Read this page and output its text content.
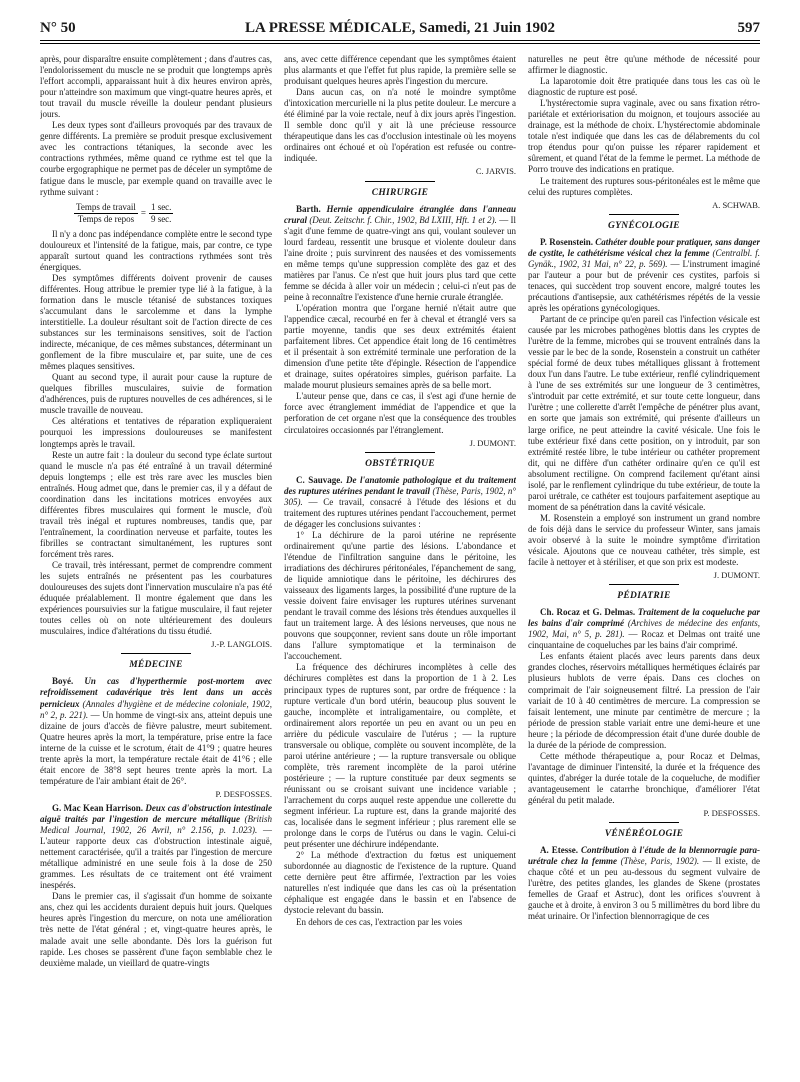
N° 50	LA PRESSE MÉDICALE, Samedi, 21 Juin 1902	597

après, pour disparaître ensuite complètement ; dans d'autres cas, l'endolorissement du muscle ne se produit que longtemps après l'effort accompli, apparaissant huit à dix heures environ après, pour n'atteindre son maximum que vingt-quatre heures après, et tout travail du muscle réveille la douleur pendant plusieurs jours.

Les deux types sont d'ailleurs provoqués par des travaux de genre différents. La première se produit presque exclusivement avec les contractions tétaniques, la seconde avec les contractions rythmées, même quand ce rythme est tel que la courbe ergographique ne permet pas de déceler un symptôme de fatigue dans le muscle, par exemple quand on travaille avec le rythme suivant :

$\frac{\text{Temps de travail}}{\text{Temps de repos}} = \frac{1 \sec.}{9 \sec.}$

Il n'y a donc pas indépendance complète entre le second type douloureux et l'intensité de la fatigue, mais, par contre, ce type apparaît surtout quand les contractions rythmées sont très énergiques.

Des symptômes différents doivent provenir de causes différentes. Houg attribue le premier type lié à la fatigue, à la formation dans le muscle tétanisé de substances toxiques s'accumulant dans le sarcolemme et dans la lymphe interstitielle. La douleur résultant soit de l'action directe de ces substances sur les terminaisons sensitives, soit de l'action indirecte, mécanique, de ces mêmes substances, déterminant un gonflement de la fibre musculaire et, par suite, une de ces mêmes plaques sensitives.

Quant au second type, il aurait pour cause la rupture de quelques fibrilles musculaires, suivie de formation d'adhérences, puis de ruptures nouvelles de ces adhérences, si le muscle travaille de nouveau.

Ces altérations et tentatives de réparation expliqueraient pourquoi les impressions douloureuses se manifestent longtemps après le travail.

Reste un autre fait : la douleur du second type éclate surtout quand le muscle n'a pas été entraîné à un travail déterminé depuis longtemps ; elle est très rare avec les muscles bien entraînés. Houg admet que, dans le premier cas, il y a défaut de coordination dans les incitations motrices envoyées aux différentes fibres musculaires qui forment le muscle, d'où travail très inégal et ruptures nombreuses, tandis que, par l'entraînement, la coordination nerveuse et parfaite, toutes les fibrilles se contractant simultanément, les ruptures sont forcément très rares.

Ce travail, très intéressant, permet de comprendre comment les sujets entraînés ne présentent pas les courbatures douloureuses des sujets dont l'innervation musculaire n'a pas été éduquée préalablement. Il montre également que dans les expériences poursuivies sur la fatigue musculaire, il faut rejeter toutes celles où on note ultérieurement des douleurs musculaires, indice d'altérations du tissu étudié.

J.-P. LANGLOIS.
MÉDECINE

Boyé. Un cas d'hyperthermie post-mortem avec refroidissement cadavérique très lent dans un accès pernicieux (Annales d'hygiène et de médecine coloniale, 1902, n° 2, p. 221). — Un homme de vingt-six ans, atteint depuis une dizaine de jours d'accès de fièvre palustre, meurt subitement. Quatre heures après la mort, la température, prise entre la face interne de la cuisse et le scrotum, était de 41°9 ; quatre heures trente après la mort, la température rectale était de 41°6 ; elle était encore de 38°8 sept heures trente après la mort. La température de l'air ambiant était de 26°.

P. DESFOSSES.

G. Mac Kean Harrison. Deux cas d'obstruction intestinale aiguë traités par l'ingestion de mercure métallique (British Medical Journal, 1902, 26 Avril, n° 2.156, p. 1.023). — L'auteur rapporte deux cas d'obstruction intestinale aiguë, nettement caractérisée, qu'il a traités par l'ingestion de mercure métallique administré en une seule fois à la dose de 250 grammes. Les résultats de ce traitement ont été vraiment inespérés.

Dans le premier cas, il s'agissait d'un homme de soixante ans, chez qui les accidents duraient depuis huit jours. Quelques heures après l'ingestion du mercure, on nota une amélioration très nette de l'état général ; et, vingt-quatre heures après, le malade avait une selle abondante. Dès lors la guérison fut rapide. Les choses se passèrent d'une façon semblable chez le deuxième malade, un vieillard de quatre-vingts

ans, avec cette différence cependant que les symptômes étaient plus alarmants et que l'effet fut plus rapide, la première selle se produisant quelques heures après l'ingestion du mercure.

Dans aucun cas, on n'a noté le moindre symptôme d'intoxication mercurielle ni la plus petite douleur. Le mercure a été éliminé par la voie rectale, neuf à dix jours après l'ingestion. Il semble donc qu'il y ait là une précieuse ressource thérapeutique dans les cas d'occlusion intestinale où les moyens ordinaires ont échoué et où l'opération est refusée ou contre-indiquée.

C. JARVIS.
CHIRURGIE

Barth. Hernie appendiculaire étranglée dans l'anneau crural (Deut. Zeitschr. f. Chir., 1902, Bd LXIII, Hft. 1 et 2). — Il s'agit d'une femme de quatre-vingt ans qui, voulant soulever un lourd fardeau, ressentit une brusque et violente douleur dans l'aine droite ; puis survinrent des nausées et des vomissements en même temps qu'une suppression complète des gaz et des matières par l'anus. Ce n'est que huit jours plus tard que cette femme se décida à aller voir un médecin ; celui-ci n'eut pas de peine à reconnaître l'existence d'une hernie crurale étranglée.

L'opération montra que l'organe hernié n'était autre que l'appendice cæcal, recourbé en fer à cheval et étranglé vers sa partie moyenne, tandis que ses deux extrémités étaient parfaitement libres. Cet appendice était long de 16 centimètres et il présentait à son extrémité terminale une perforation de la dimension d'une petite tête d'épingle. Résection de l'appendice et drainage, suites opératoires simples, guérison parfaite. La malade mourut plusieurs semaines après de sa belle mort.

L'auteur pense que, dans ce cas, il s'est agi d'une hernie de force avec étranglement immédiat de l'appendice et que la perforation de cet organe n'est que la conséquence des troubles circulatoires occasionnés par l'étranglement.

J. DUMONT.
OBSTÉTRIQUE

C. Sauvage. De l'anatomie pathologique et du traitement des ruptures utérines pendant le travail (Thèse, Paris, 1902, n° 305). — Ce travail, consacré à l'étude des lésions et du traitement des ruptures utérines pendant l'accouchement, permet de dégager les conclusions suivantes :

1° La déchirure de la paroi utérine ne représente ordinairement qu'une partie des lésions. L'abondance et l'étendue de l'infiltration sanguine dans le péritoine, les irradiations des déchirures péritonéales, l'épanchement de sang, de liquide amniotique dans le péritoine, les déchirures des vaisseaux des ligaments larges, la possibilité d'une rupture de la vessie doivent faire envisager les ruptures utérines survenant pendant le travail comme des lésions très étendues auxquelles il faut un traitement large. À des lésions nerveuses, que nous ne pouvons que soupçonner, revient sans doute un rôle important dans l'allure symptomatique et la terminaison de l'accouchement.

La fréquence des déchirures incomplètes à celle des déchirures complètes est dans la proportion de 1 à 2. Les principaux types de ruptures sont, par ordre de fréquence : la rupture verticale d'un bord utérin, beaucoup plus souvent le gauche, incomplète et intraligamentaire, ou complète, et ordinairement alors reportée un peu en avant ou un peu en arrière du pédicule vasculaire de l'utérus ; — la rupture transversale ou oblique, complète ou souvent incomplète, de la paroi utérine antérieure ; — la rupture transversale ou oblique complète, très rarement incomplète de la paroi utérine postérieure ; — la rupture constituée par deux segments se réunissant ou se croisant suivant une incidence variable ; l'arrachement du corps auquel reste appendue une collerette du segment inférieur. La rupture est, dans la grande majorité des cas, localisée dans le segment inférieur ; plus rarement elle se prolonge dans le corps de l'utérus ou dans le vagin. Celui-ci peut présenter une déchirure indépendante.

2° La méthode d'extraction du fœtus est uniquement subordonnée au diagnostic de l'existence de la rupture. Quand cette dernière peut être affirmée, l'extraction par les voies naturelles n'est indiquée que dans les cas où la présentation céphalique est engagée dans le bassin et en l'absence de dystocie relevant du bassin.

En dehors de ces cas, l'extraction par les voies

naturelles ne peut être qu'une méthode de nécessité pour affirmer le diagnostic.

La laparotomie doit être pratiquée dans tous les cas où le diagnostic de rupture est posé.

L'hystérectomie supra vaginale, avec ou sans fixation rétro-pariétale et extériorisation du moignon, et toujours associée au drainage, est la méthode de choix. L'hystérectomie abdominale totale n'est indiquée que dans les cas de délabrements du col trop étendus pour qu'on puisse les réparer rapidement et sûrement, et quand l'état de la femme le permet. La méthode de Porro trouve des indications en pratique.

Le traitement des ruptures sous-péritonéales est le même que celui des ruptures complètes.

A. SCHWAB.
GYNÉCOLOGIE

P. Rosenstein. Cathéter double pour pratiquer, sans danger de cystite, le cathétérisme vésical chez la femme (Centralbl. f. Gynäk., 1902, 31 Mai, n° 22, p. 569). — L'instrument imaginé par l'auteur a pour but de prévenir ces cystites, parfois si tenaces, qui succèdent trop souvent encore, malgré toutes les précautions d'antisepsie, aux cathétérismes répétés de la vessie après les opérations gynécologiques.

Partant de ce principe qu'en pareil cas l'infection vésicale est causée par les microbes pathogènes blottis dans les cryptes de l'urètre de la femme, microbes qui se trouvent entraînés dans la vessie par le bec de la sonde, Rosenstein a construit un cathéter spécial formé de deux tubes métalliques glissant à frottement doux l'un dans l'autre. Le tube extérieur, renflé cylindriquement à l'une de ses extrémités sur une longueur de 3 centimètres, s'introduit par cette extrémité, et sur toute cette longueur, dans l'urètre ; une collerette d'arrêt l'empêche de pénétrer plus avant, en sorte que jamais son extrémité, qui présente d'ailleurs un large orifice, ne peut atteindre la cavité vésicale. Une fois le tube extérieur fixé dans cette position, on y introduit, par son extrémité restée libre, le tube intérieur ou cathéter proprement dit, qui ne diffère d'un cathéter ordinaire qu'en ce qu'il est absolument rectiligne. On comprend facilement qu'étant ainsi isolé, par le renflement cylindrique du tube extérieur, de toute la paroi urétrale, ce cathéter est toujours parfaitement aseptique au moment de sa pénétration dans la cavité vésicale.

M. Rosenstein a employé son instrument un grand nombre de fois déjà dans le service du professeur Winter, sans jamais avoir observé à la suite le moindre symptôme d'irritation vésicale. Ajoutons que ce nouveau cathéter, très simple, est facile à nettoyer et à stériliser, et que son prix est modeste.

J. DUMONT.
PÉDIATRIE

Ch. Rocaz et G. Delmas. Traitement de la coqueluche par les bains d'air comprimé (Archives de médecine des enfants, 1902, Mai, n° 5, p. 281). — Rocaz et Delmas ont traité une cinquantaine de coqueluches par les bains d'air comprimé.

Les enfants étaient placés avec leurs parents dans deux grandes cloches, réservoirs métalliques hermétiques éclairés par plusieurs hublots de verre épais. Dans ces cloches on comprimait de l'air soigneusement filtré. La pression de l'air variait de 10 à 40 centimètres de mercure. La compression se faisait lentement, une minute par centimètre de mercure ; la période de pression stable variait entre une demi-heure et une heure ; la période de décompression était d'une durée double de la durée de la période de compression.

Cette méthode thérapeutique a, pour Rocaz et Delmas, l'avantage de diminuer l'intensité, la durée et la fréquence des quintes, d'abréger la durée totale de la coqueluche, de modifier avantageusement le catarrhe bronchique, d'améliorer l'état général du petit malade.

P. DESFOSSES.
VÉNÉRÉOLOGIE

A. Etesse. Contribution à l'étude de la blennorragie para-urétrale chez la femme (Thèse, Paris, 1902). — Il existe, de chaque côté et un peu au-dessous du segment vulvaire de l'urètre, des petites glandes, les glandes de Skene (prostates femelles de Graaf et Astruc), dont les orifices s'ouvrent à gauche et à droite, à environ 3 ou 5 millimètres du bord libre du méat urinaire. Or l'infection blennorragique de ces
